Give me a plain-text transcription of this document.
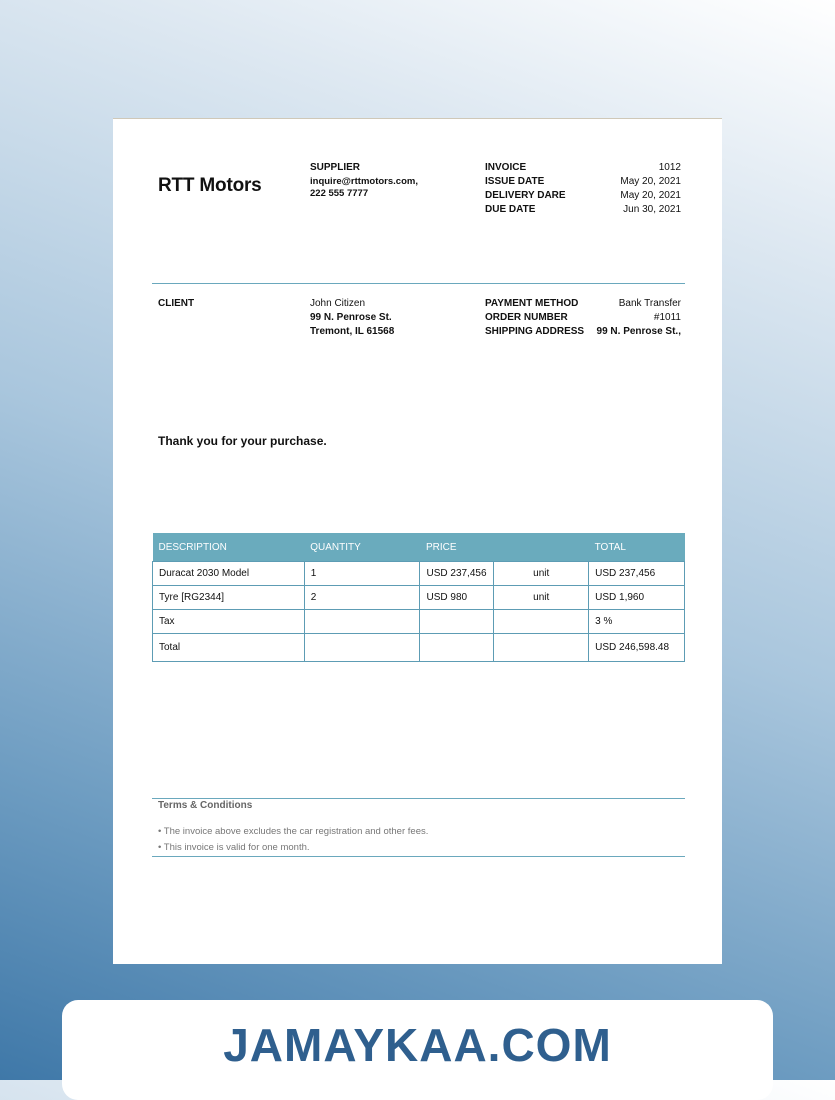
RTT Motors
SUPPLIER
inquire@rttmotors.com,
222 555 7777
INVOICE	1012
ISSUE DATE	May 20, 2021
DELIVERY DARE	May 20, 2021
DUE DATE	Jun 30, 2021
CLIENT	John Citizen
99 N. Penrose St.
Tremont, IL 61568
PAYMENT METHOD	Bank Transfer
ORDER NUMBER	#1011
SHIPPING ADDRESS 99 N. Penrose St.,
Thank you for your purchase.
DESCRIPTION	QUANTITY	PRICE		TOTAL
Duracat 2030 Model	1	USD 237,456	unit	USD 237,456
Tyre [RG2344]	2	USD 980	unit	USD 1,960
Tax				3 %
Total				USD 246,598.48
Terms & Conditions
• The invoice above excludes the car registration and other fees.
• This invoice is valid for one month.
JAMAYKAA.COM
